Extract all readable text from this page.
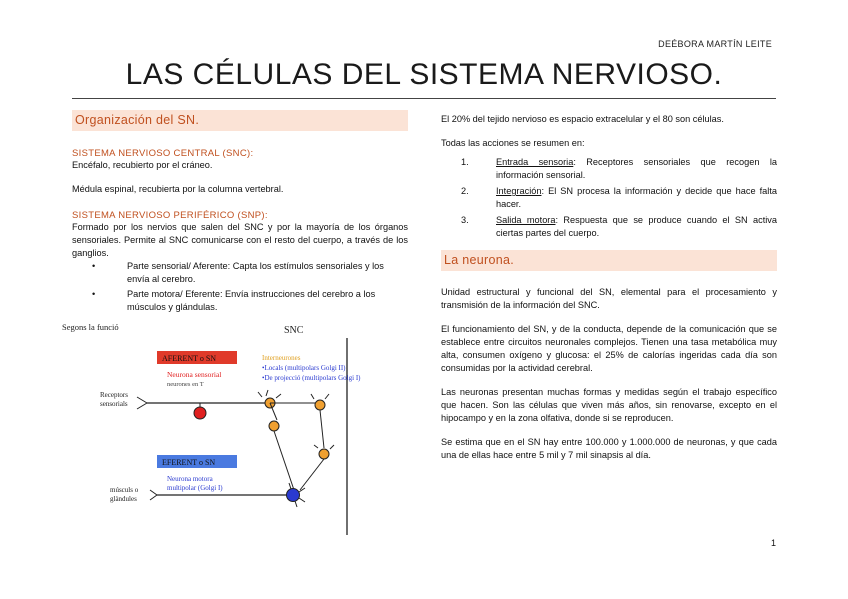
DEÉBORA MARTÍN LEITE
LAS CÉLULAS DEL SISTEMA NERVIOSO.
Organización del SN.
SISTEMA NERVIOSO CENTRAL (SNC):

Encéfalo, recubierto por el cráneo.

Médula espinal, recubierta por la columna vertebral.

SISTEMA NERVIOSO PERIFÉRICO (SNP):

Formado por los nervios que salen del SNC y por la mayoría de los órganos sensoriales. Permite al SNC comunicarse con el resto del cuerpo, a través de los ganglios.

•	Parte sensorial/ Aferente: Capta los estímulos sensoriales y los envía al cerebro.
•	Parte motora/ Eferente: Envía instrucciones del cerebro a los músculos y glándulas.
Segons la funció	SNC
AFERENT o SN
Neurona sensorial
neurones en T
Interneurones
•Locals (multipolars Golgi II)
•De projecció (multipolars Golgi I)
Receptors
sensorials
EFERENT o SN
Neurona motora
multipolar (Golgi I)
músculs o
glàndules

El 20% del tejido nervioso es espacio extracelular y el 80 son células.

Todas las acciones se resumen en:

1.	Entrada sensoria: Receptores sensoriales que recogen la información sensorial.
2.	Integración: El SN procesa la información y decide que hace falta hacer.
3.	Salida motora: Respuesta que se produce cuando el SN activa ciertas partes del cuerpo.
La neurona.

Unidad estructural y funcional del SN, elemental para el procesamiento y transmisión de la información del SNC.

El funcionamiento del SN, y de la conducta, depende de la comunicación que se establece entre circuitos neuronales complejos. Tienen una tasa metabólica muy alta, consumen oxígeno y glucosa: el 25% de calorías ingeridas cada día son consumidas por la actividad cerebral.

Las neuronas presentan muchas formas y medidas según el trabajo específico que hacen. Son las células que viven más años, sin renovarse, excepto en el hipocampo y en la zona olfativa, donde si se reproducen.

Se estima que en el SN hay entre 100.000 y 1.000.000 de neuronas, y que cada una de ellas hace entre 5 mil y 7 mil sinapsis al día.

1
